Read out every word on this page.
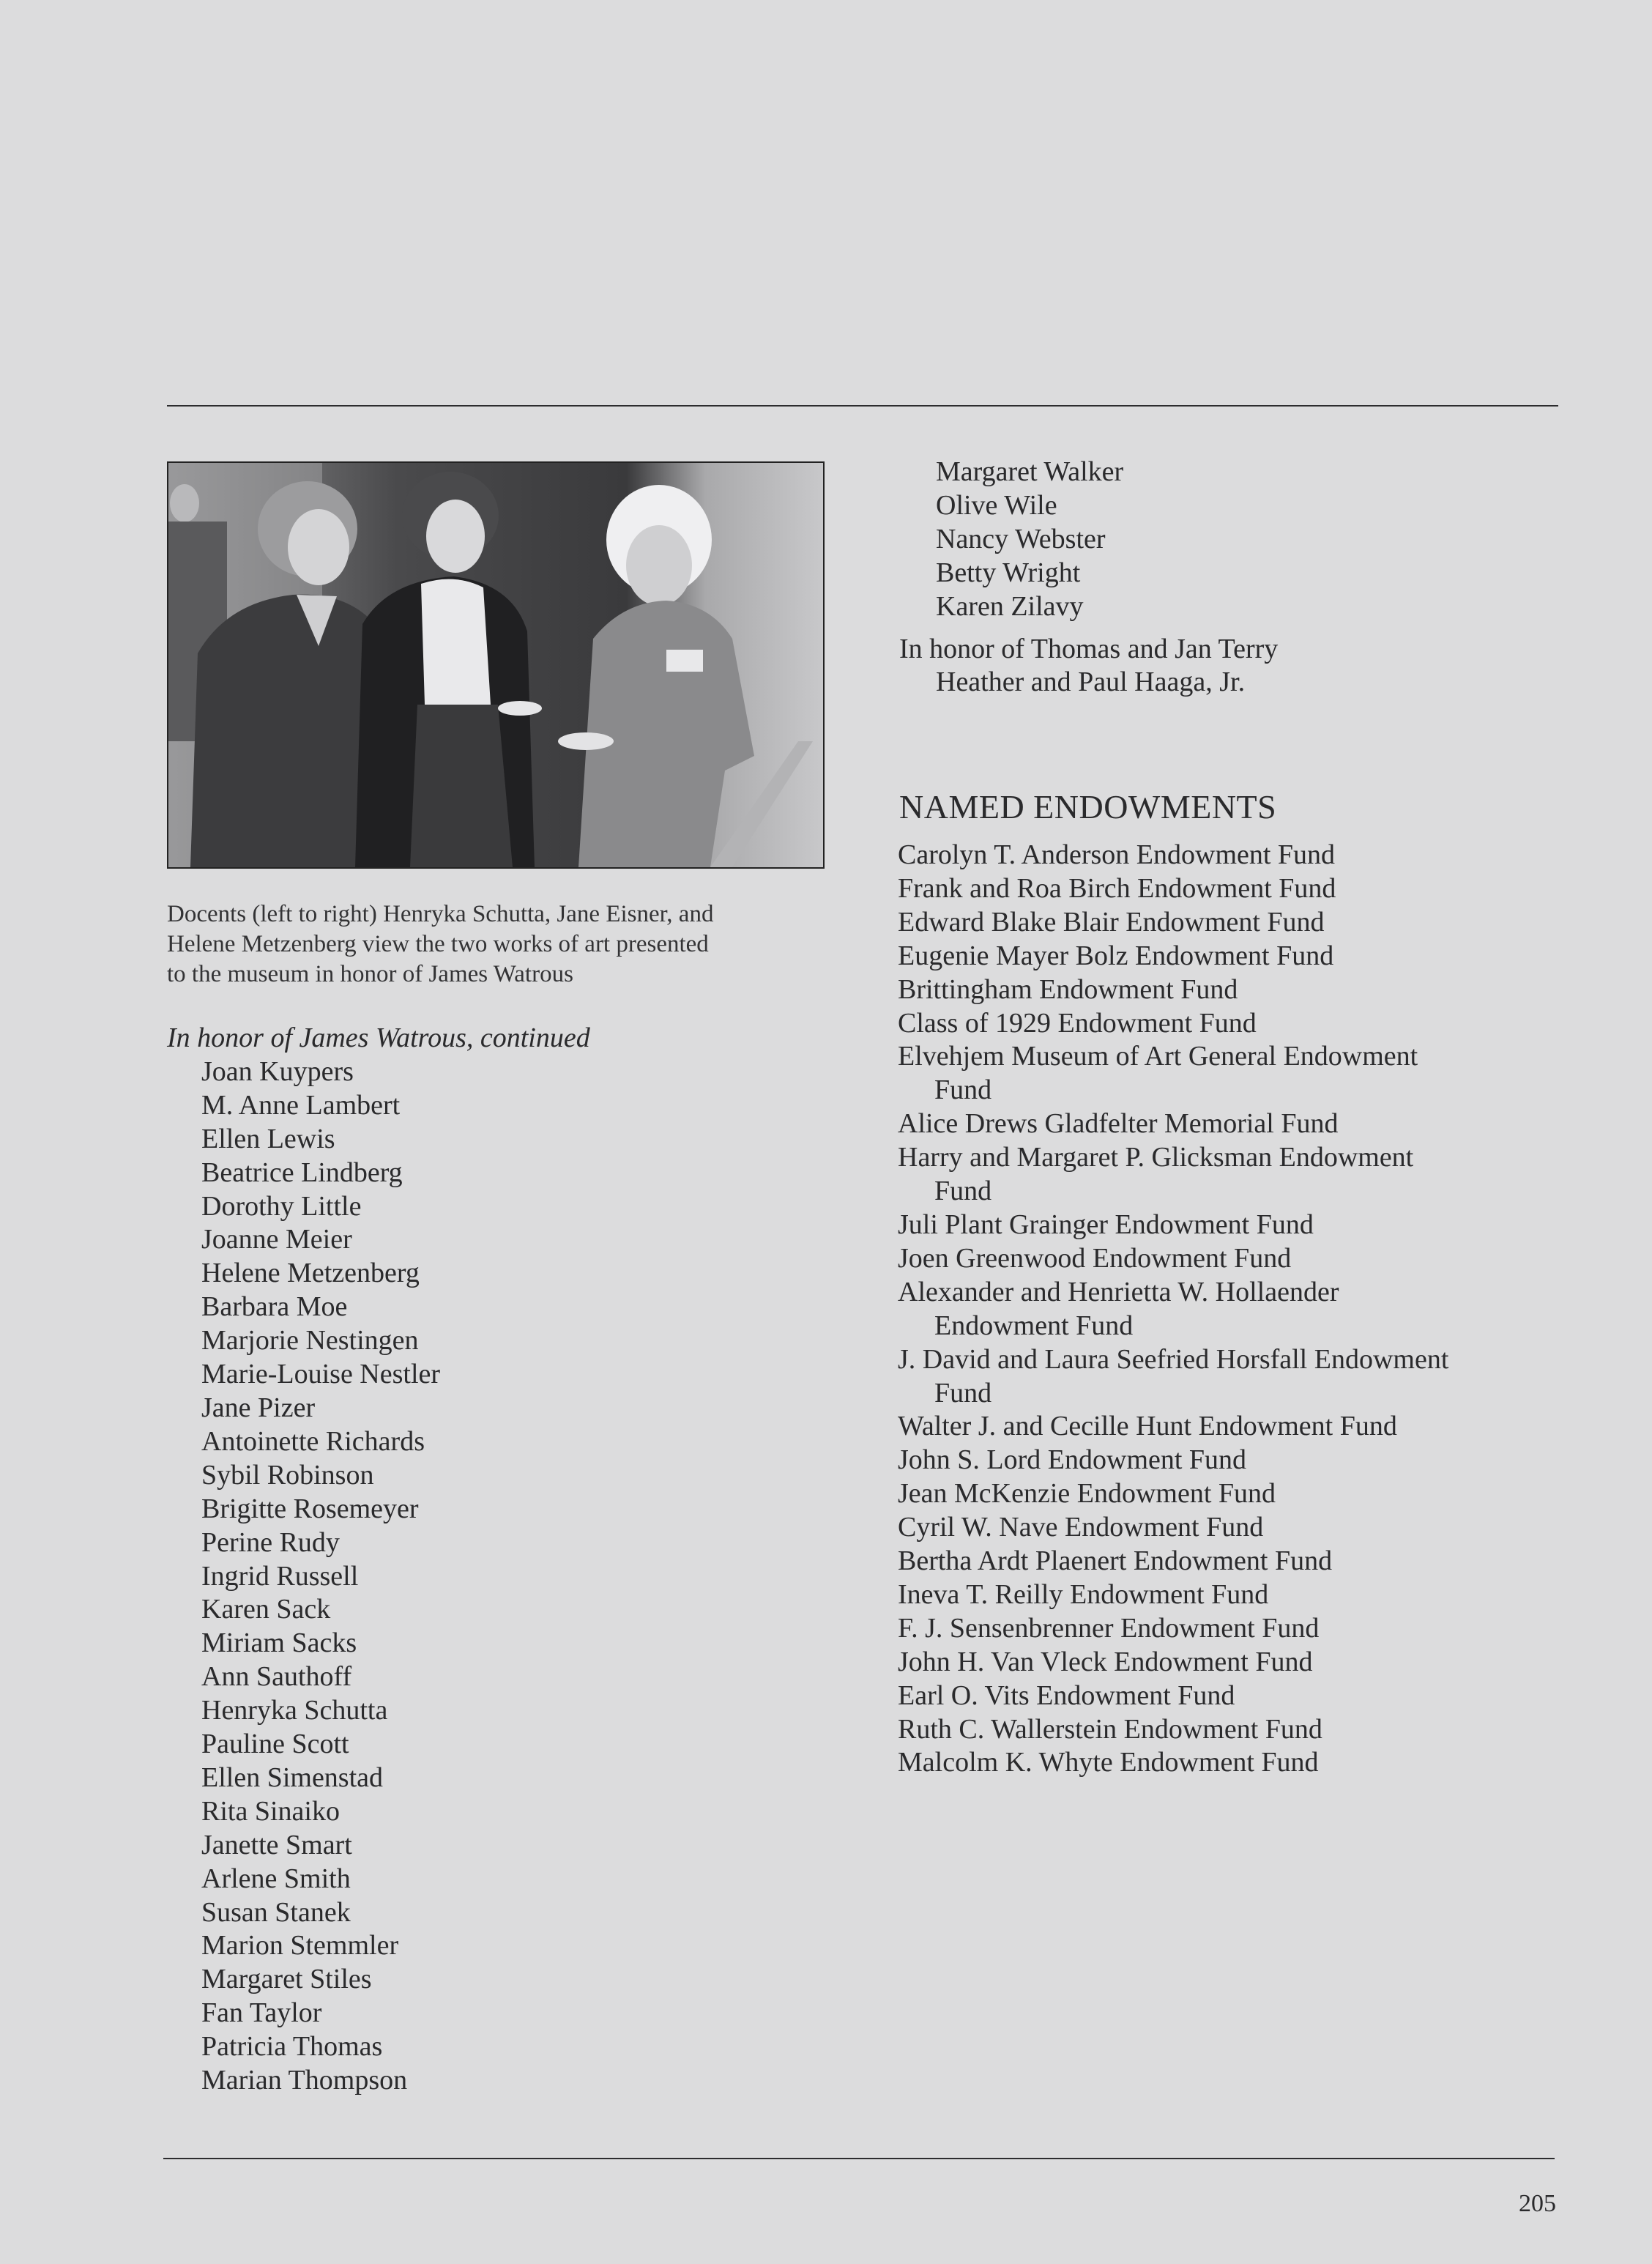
Docents (left to right) Henryka Schutta, Jane Eisner, and
Helene Metzenberg view the two works of art presented
to the museum in honor of James Watrous
In honor of James Watrous, continued
Joan Kuypers
M. Anne Lambert
Ellen Lewis
Beatrice Lindberg
Dorothy Little
Joanne Meier
Helene Metzenberg
Barbara Moe
Marjorie Nestingen
Marie-Louise Nestler
Jane Pizer
Antoinette Richards
Sybil Robinson
Brigitte Rosemeyer
Perine Rudy
Ingrid Russell
Karen Sack
Miriam Sacks
Ann Sauthoff
Henryka Schutta
Pauline Scott
Ellen Simenstad
Rita Sinaiko
Janette Smart
Arlene Smith
Susan Stanek
Marion Stemmler
Margaret Stiles
Fan Taylor
Patricia Thomas
Marian Thompson
Margaret Walker
Olive Wile
Nancy Webster
Betty Wright
Karen Zilavy
In honor of Thomas and Jan Terry
Heather and Paul Haaga, Jr.
NAMED ENDOWMENTS
Carolyn T. Anderson Endowment Fund
Frank and Roa Birch Endowment Fund
Edward Blake Blair Endowment Fund
Eugenie Mayer Bolz Endowment Fund
Brittingham Endowment Fund
Class of 1929 Endowment Fund
Elvehjem Museum of Art General Endowment
Fund
Alice Drews Gladfelter Memorial Fund
Harry and Margaret P. Glicksman Endowment
Fund
Juli Plant Grainger Endowment Fund
Joen Greenwood Endowment Fund
Alexander and Henrietta W. Hollaender
Endowment Fund
J. David and Laura Seefried Horsfall Endowment
Fund
Walter J. and Cecille Hunt Endowment Fund
John S. Lord Endowment Fund
Jean McKenzie Endowment Fund
Cyril W. Nave Endowment Fund
Bertha Ardt Plaenert Endowment Fund
Ineva T. Reilly Endowment Fund
F. J. Sensenbrenner Endowment Fund
John H. Van Vleck Endowment Fund
Earl O. Vits Endowment Fund
Ruth C. Wallerstein Endowment Fund
Malcolm K. Whyte Endowment Fund
205
